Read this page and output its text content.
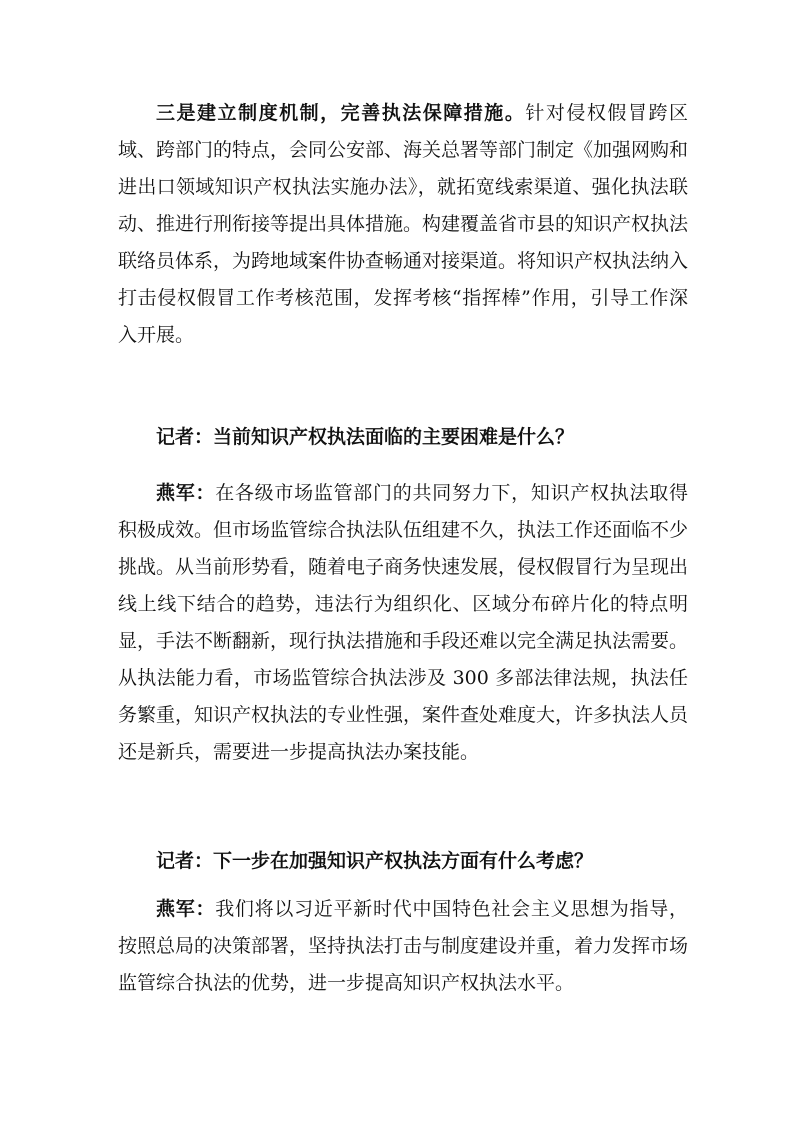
三是建立制度机制，完善执法保障措施。针对侵权假冒跨区域、跨部门的特点，会同公安部、海关总署等部门制定《加强网购和进出口领域知识产权执法实施办法》，就拓宽线索渠道、强化执法联动、推进行刑衔接等提出具体措施。构建覆盖省市县的知识产权执法联络员体系，为跨地域案件协查畅通对接渠道。将知识产权执法纳入打击侵权假冒工作考核范围，发挥考核“指挥棒”作用，引导工作深入开展。

记者：当前知识产权执法面临的主要困难是什么？

燕军：在各级市场监管部门的共同努力下，知识产权执法取得积极成效。但市场监管综合执法队伍组建不久，执法工作还面临不少挑战。从当前形势看，随着电子商务快速发展，侵权假冒行为呈现出线上线下结合的趋势，违法行为组织化、区域分布碎片化的特点明显，手法不断翻新，现行执法措施和手段还难以完全满足执法需要。从执法能力看，市场监管综合执法涉及 300 多部法律法规，执法任务繁重，知识产权执法的专业性强，案件查处难度大，许多执法人员还是新兵，需要进一步提高执法办案技能。

记者：下一步在加强知识产权执法方面有什么考虑？

燕军：我们将以习近平新时代中国特色社会主义思想为指导，按照总局的决策部署，坚持执法打击与制度建设并重，着力发挥市场监管综合执法的优势，进一步提高知识产权执法水平。
